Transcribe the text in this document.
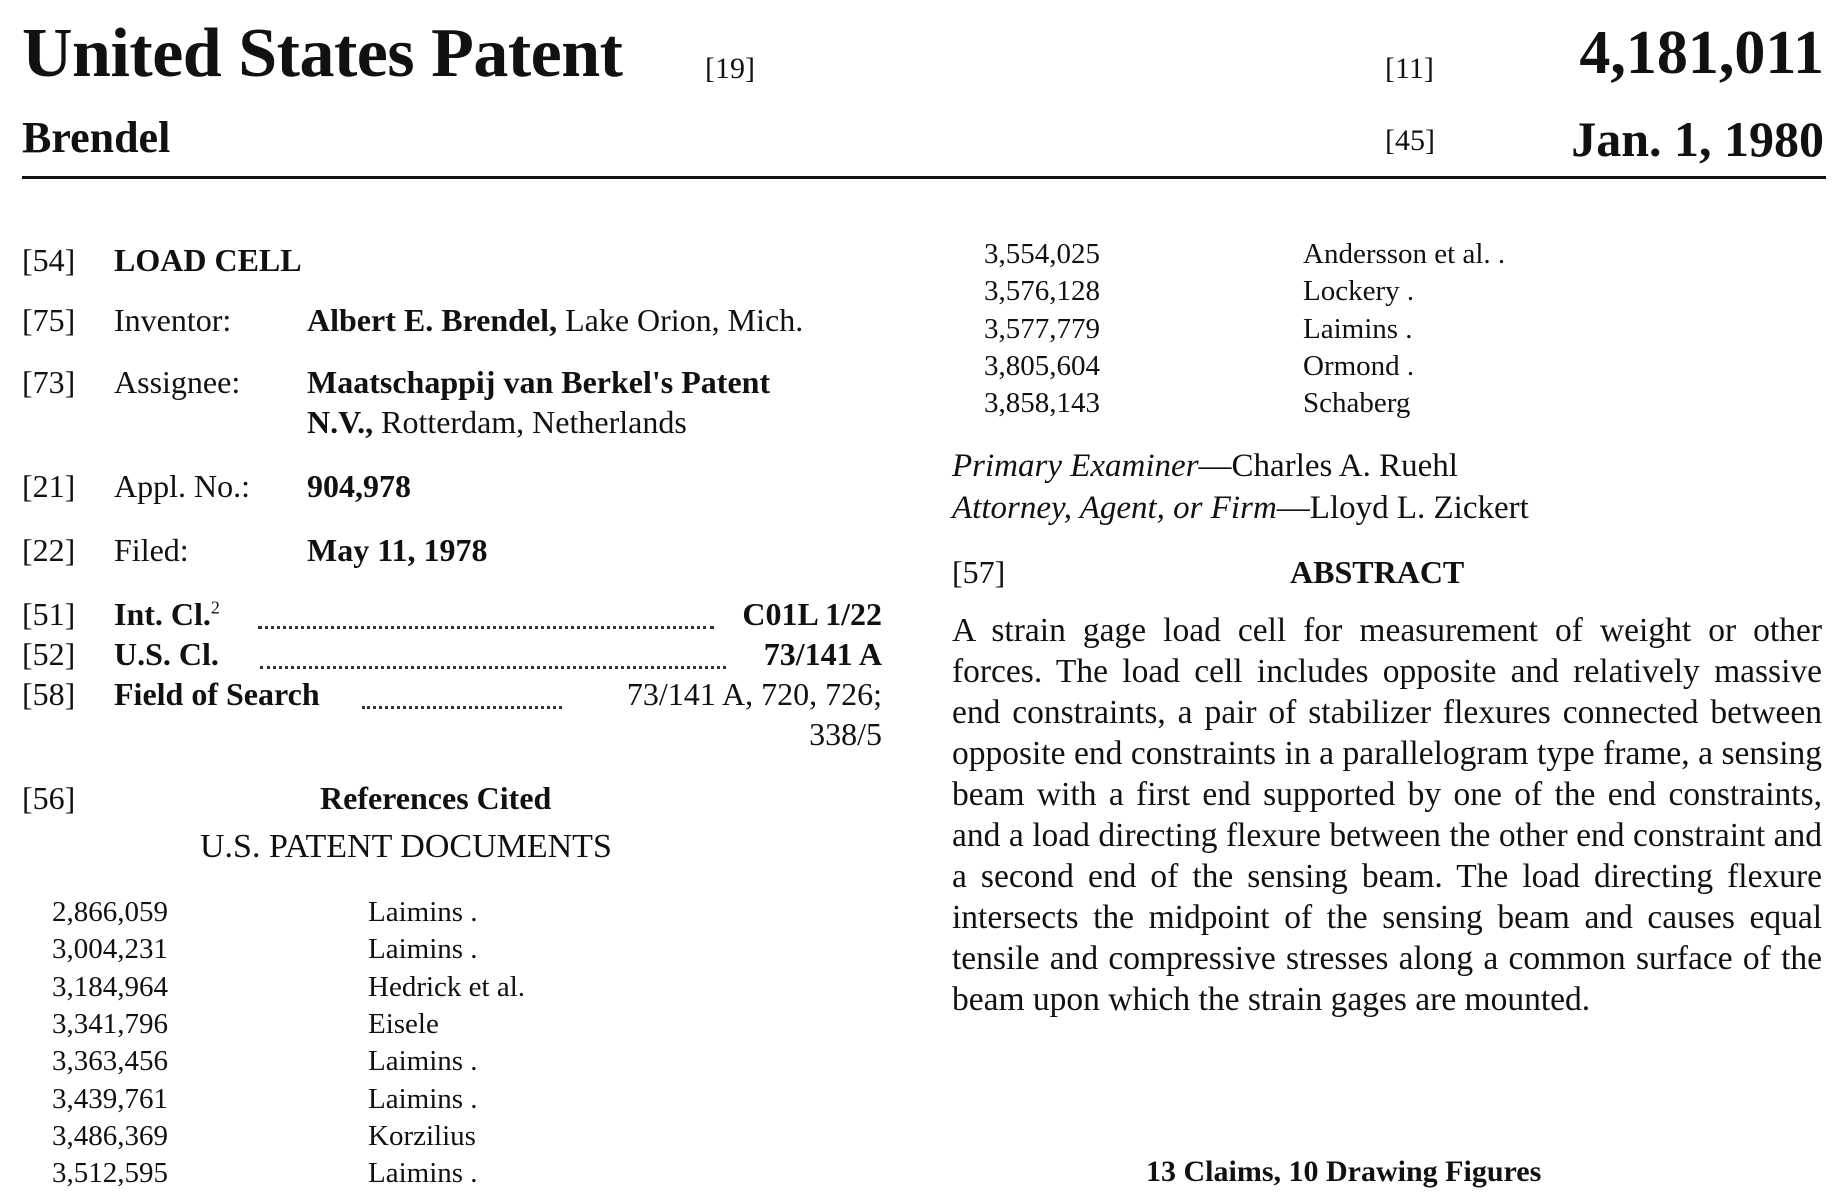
United States Patent	[19]	[11] 4,181,011
Brendel	[45]	Jan. 1, 1980
[54] LOAD CELL
[75] Inventor: Albert E. Brendel, Lake Orion, Mich.
[73] Assignee: Maatschappij van Berkel's Patent
N.V., Rotterdam, Netherlands
[21] Appl. No.: 904,978
[22] Filed:	May 11, 1978
[51] Int. Cl.$^2$	C01L 1/22
[52] U.S. Cl.	73/141 A
[58] Field of Search	73/141 A, 720, 726;
338/5
[56]	References Cited
U.S. PATENT DOCUMENTS
2,866,059	Laimins .
3,004,231	Laimins .
3,184,964	Hedrick et al.
3,341,796	Eisele
3,363,456	Laimins .
3,439,761	Laimins .
3,486,369	Korzilius
3,512,595	Laimins .
3,554,025	Andersson et al. .
3,576,128	Lockery .
3,577,779	Laimins .
3,805,604	Ormond .
3,858,143	Schaberg
Primary Examiner—Charles A. Ruehl
Attorney, Agent, or Firm—Lloyd L. Zickert
[57]	ABSTRACT
A strain gage load cell for measurement of weight or other forces. The load cell includes opposite and relatively massive end constraints, a pair of stabilizer flexures connected between opposite end constraints in a parallelogram type frame, a sensing beam with a first end supported by one of the end constraints, and a load directing flexure between the other end constraint and a second end of the sensing beam. The load directing flexure intersects the midpoint of the sensing beam and causes equal tensile and compressive stresses along a common surface of the beam upon which the strain gages are mounted.
13 Claims, 10 Drawing Figures
